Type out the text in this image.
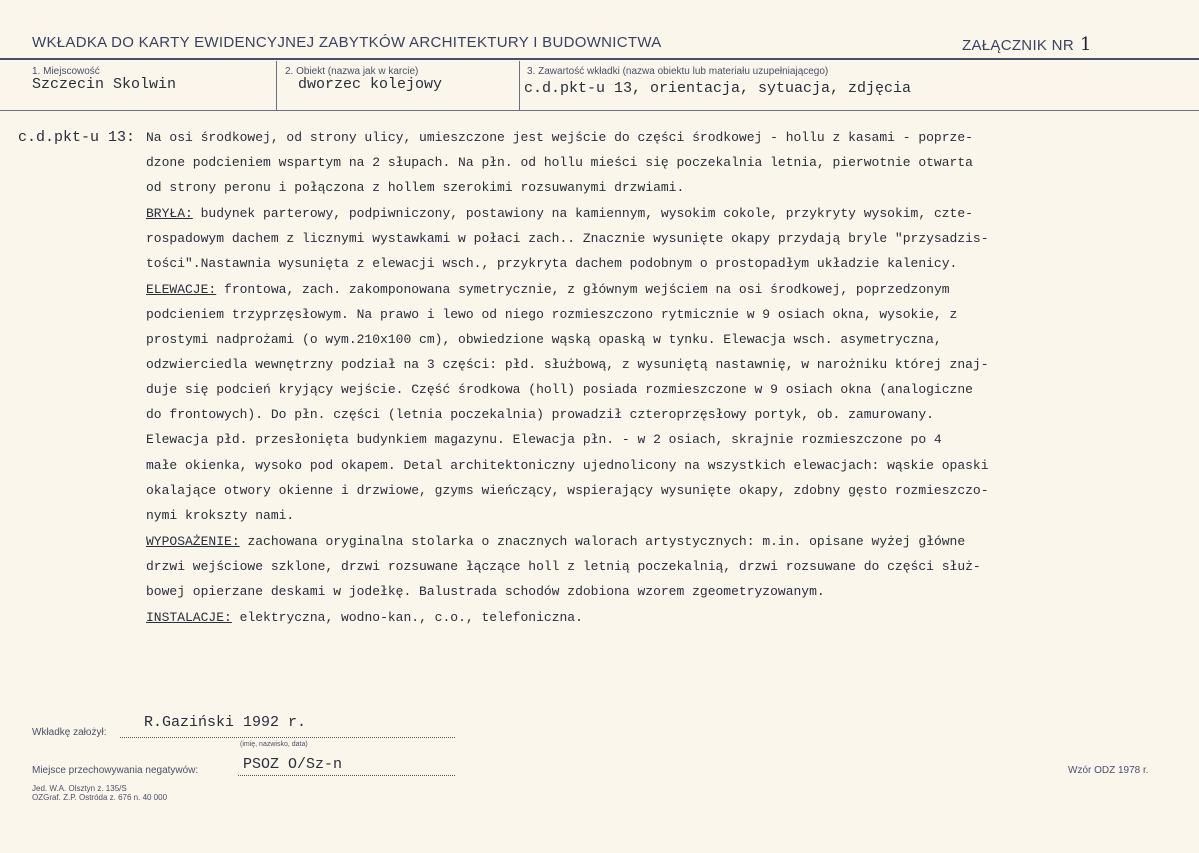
WKŁADKA DO KARTY EWIDENCYJNEJ ZABYTKÓW ARCHITEKTURY I BUDOWNICTWA	ZAŁĄCZNIK NR 1
1. Miejscowość
Szczecin Skolwin
2. Obiekt (nazwa jak w karcie)
dworzec kolejowy
3. Zawartość wkładki (nazwa obiektu lub materiału uzupełniającego)
c.d.pkt-u 13, orientacja, sytuacja, zdjęcia
c.d.pkt-u 13: Na osi środkowej, od strony ulicy, umieszczone jest wejście do części środkowej - hollu z kasami - poprze-
dzone podcieniem wspartym na 2 słupach. Na płn. od hollu mieści się poczekalnia letnia, pierwotnie otwarta
od strony peronu i połączona z hollem szerokimi rozsuwanymi drzwiami.
BRYŁA: budynek parterowy, podpiwniczony, postawiony na kamiennym, wysokim cokole, przykryty wysokim, czte-
rospadowym dachem z licznymi wystawkami w połaci zach.. Znacznie wysunięte okapy przydają bryle "przysadzis-
tości".Nastawnia wysunięta z elewacji wsch., przykryta dachem podobnym o prostopadłym układzie kalenicy.
ELEWACJE: frontowa, zach. zakomponowana symetrycznie, z głównym wejściem na osi środkowej, poprzedzonym
podcieniem trzyprzęsłowym. Na prawo i lewo od niego rozmieszczono rytmicznie w 9 osiach okna, wysokie, z
prostymi nadprożami (o wym.210x100 cm), obwiedzione wąską opaską w tynku. Elewacja wsch. asymetryczna,
odzwierciedla wewnętrzny podział na 3 części: płd. służbową, z wysuniętą nastawnię, w narożniku której znaj-
duje się podcień kryjący wejście. Część środkowa (holl) posiada rozmieszczone w 9 osiach okna (analogiczne
do frontowych). Do płn. części (letnia poczekalnia) prowadził czteroprzęsłowy portyk, ob. zamurowany.
Elewacja płd. przesłonięta budynkiem magazynu. Elewacja płn. - w 2 osiach, skrajnie rozmieszczone po 4
małe okienka, wysoko pod okapem. Detal architektoniczny ujednolicony na wszystkich elewacjach: wąskie opaski
okalające otwory okienne i drzwiowe, gzyms wieńczący, wspierający wysunięte okapy, zdobny gęsto rozmieszczo-
nymi krokszty nami.
WYPOSAŻENIE: zachowana oryginalna stolarka o znacznych walorach artystycznych: m.in. opisane wyżej główne
drzwi wejściowe szklone, drzwi rozsuwane łączące holl z letnią poczekalnią, drzwi rozsuwane do części służ-
bowej opierzane deskami w jodełkę. Balustrada schodów zdobiona wzorem zgeometryzowanym.
INSTALACJE: elektryczna, wodno-kan., c.o., telefoniczna.
Wkładkę założył:
R.Gaziński 1992 r.
(imię, nazwisko, data)
Miejsce przechowywania negatywów:	PSOZ O/Sz-n	Wzór ODZ 1978 r.
Jed. W.A. Olsztyn z. 135/S
OZGraf. Z.P. Ostróda z. 676 n. 40 000
